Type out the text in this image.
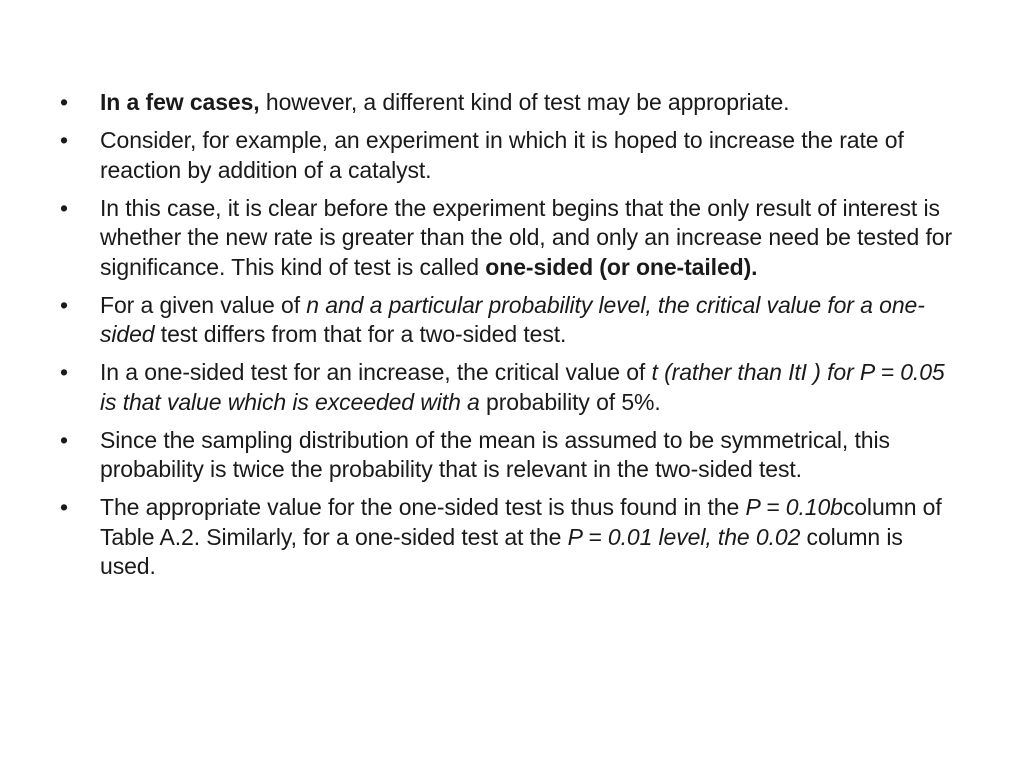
•	In a few cases, however, a different kind of test may be appropriate.
•	Consider, for example, an experiment in which it is hoped to increase the rate of reaction by addition of a catalyst.
•	In this case, it is clear before the experiment begins that the only result of interest is whether the new rate is greater than the old, and only an increase need be tested for significance. This kind of test is called one-sided (or one-tailed).
•	For a given value of n and a particular probability level, the critical value for a one-sided test differs from that for a two-sided test.
•	In a one-sided test for an increase, the critical value of t (rather than ItI ) for P = 0.05 is that value which is exceeded with a probability of 5%.
•	Since the sampling distribution of the mean is assumed to be symmetrical, this probability is twice the probability that is relevant in the two-sided test.
•	The appropriate value for the one-sided test is thus found in the P = 0.10bcolumn of Table A.2. Similarly, for a one-sided test at the P = 0.01 level, the 0.02 column is used.
